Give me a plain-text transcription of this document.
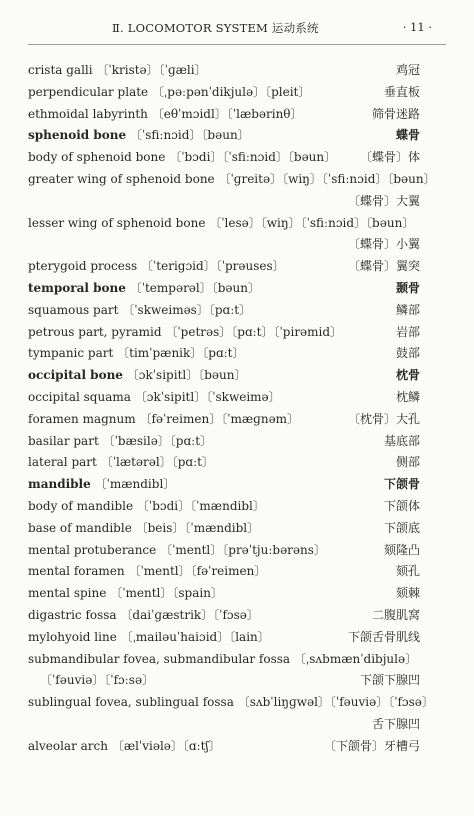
Ⅱ. LOCOMOTOR SYSTEM 运动系统	· 11 ·
crista galli 〔ˈkristə〕〔ˈɡæli〕	鸡冠
perpendicular plate 〔ˌpəːpənˈdikjulə〕〔pleit〕	垂直板
ethmoidal labyrinth 〔eθˈmɔidl〕〔ˈlæbərinθ〕	筛骨迷路
sphenoid bone 〔ˈsfiːnɔid〕〔bəun〕	蝶骨
body of sphenoid bone 〔ˈbɔdi〕〔ˈsfiːnɔid〕〔bəun〕 〔蝶骨〕体
greater wing of sphenoid bone 〔ˈɡreitə〕〔wiŋ〕〔ˈsfiːnɔid〕〔bəun〕
〔蝶骨〕大翼
lesser wing of sphenoid bone 〔ˈlesə〕〔wiŋ〕〔ˈsfiːnɔid〕〔bəun〕
〔蝶骨〕小翼
pterygoid process 〔ˈterigɔid〕〔ˈprəuses〕	〔蝶骨〕翼突
temporal bone 〔ˈtempərəl〕〔bəun〕	颞骨
squamous part 〔ˈskweiməs〕〔pɑːt〕	鳞部
petrous part, pyramid 〔ˈpetrəs〕〔pɑːt〕〔ˈpirəmid〕	岩部
tympanic part 〔timˈpænik〕〔pɑːt〕	鼓部
occipital bone 〔ɔkˈsipitl〕〔bəun〕	枕骨
occipital squama 〔ɔkˈsipitl〕〔ˈskweimə〕	枕鳞
foramen magnum 〔fəˈreimen〕〔ˈmæɡnəm〕	〔枕骨〕大孔
basilar part 〔ˈbæsilə〕〔pɑːt〕	基底部
lateral part 〔ˈlætərəl〕〔pɑːt〕	侧部
mandible 〔ˈmændibl〕	下颌骨
body of mandible 〔ˈbɔdi〕〔ˈmændibl〕	下颌体
base of mandible 〔beis〕〔ˈmændibl〕	下颌底
mental protuberance 〔ˈmentl〕〔prəˈtjuːbərəns〕	颏隆凸
mental foramen 〔ˈmentl〕〔fəˈreimen〕	颏孔
mental spine 〔ˈmentl〕〔spain〕	颏棘
digastric fossa 〔daiˈɡæstrik〕〔ˈfɔsə〕	二腹肌窝
mylohyoid line 〔ˌmailəuˈhaiɔid〕〔lain〕	下颌舌骨肌线
submandibular fovea, submandibular fossa 〔ˌsʌbmænˈdibjulə〕
〔ˈfəuviə〕〔ˈfɔːsə〕	下颌下腺凹
sublingual fovea, sublingual fossa 〔sʌbˈliŋɡwəl〕〔ˈfəuviə〕〔ˈfɔsə〕
舌下腺凹
alveolar arch 〔ælˈviələ〕〔ɑːtʃ〕	〔下颌骨〕牙槽弓
